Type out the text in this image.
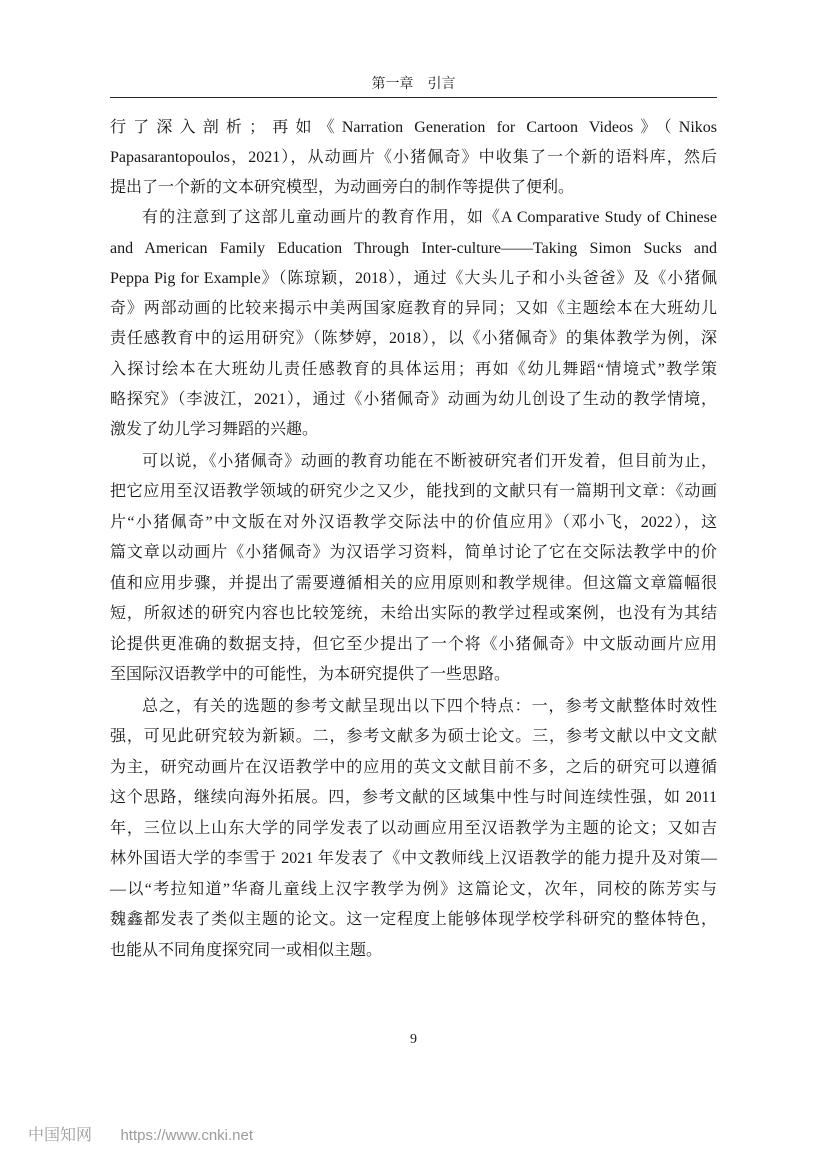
第一章　引言
行了深入剖析；再如《Narration Generation for Cartoon Videos》（Nikos
Papasarantopoulos，2021），从动画片《小猪佩奇》中收集了一个新的语料库，然后
提出了一个新的文本研究模型，为动画旁白的制作等提供了便利。
有的注意到了这部儿童动画片的教育作用，如《A Comparative Study of Chinese
and American Family Education Through Inter-culture——Taking Simon Sucks and
Peppa Pig for Example》（陈琼颖，2018），通过《大头儿子和小头爸爸》及《小猪佩
奇》两部动画的比较来揭示中美两国家庭教育的异同；又如《主题绘本在大班幼儿
责任感教育中的运用研究》（陈梦婷，2018），以《小猪佩奇》的集体教学为例，深
入探讨绘本在大班幼儿责任感教育的具体运用；再如《幼儿舞蹈“情境式”教学策
略探究》（李波江，2021），通过《小猪佩奇》动画为幼儿创设了生动的教学情境，
激发了幼儿学习舞蹈的兴趣。
可以说，《小猪佩奇》动画的教育功能在不断被研究者们开发着，但目前为止，
把它应用至汉语教学领域的研究少之又少，能找到的文献只有一篇期刊文章：《动画
片“小猪佩奇”中文版在对外汉语教学交际法中的价值应用》（邓小飞，2022），这
篇文章以动画片《小猪佩奇》为汉语学习资料，简单讨论了它在交际法教学中的价
值和应用步骤，并提出了需要遵循相关的应用原则和教学规律。但这篇文章篇幅很
短，所叙述的研究内容也比较笼统，未给出实际的教学过程或案例，也没有为其结
论提供更准确的数据支持，但它至少提出了一个将《小猪佩奇》中文版动画片应用
至国际汉语教学中的可能性，为本研究提供了一些思路。
总之，有关的选题的参考文献呈现出以下四个特点：一，参考文献整体时效性
强，可见此研究较为新颖。二，参考文献多为硕士论文。三，参考文献以中文文献
为主，研究动画片在汉语教学中的应用的英文文献目前不多，之后的研究可以遵循
这个思路，继续向海外拓展。四，参考文献的区域集中性与时间连续性强，如 2011
年，三位以上山东大学的同学发表了以动画应用至汉语教学为主题的论文；又如吉
林外国语大学的李雪于 2021 年发表了《中文教师线上汉语教学的能力提升及对策—
—以“考拉知道”华裔儿童线上汉字教学为例》这篇论文，次年，同校的陈芳实与
魏鑫都发表了类似主题的论文。这一定程度上能够体现学校学科研究的整体特色，
也能从不同角度探究同一或相似主题。
9
中国知网 https://www.cnki.net
